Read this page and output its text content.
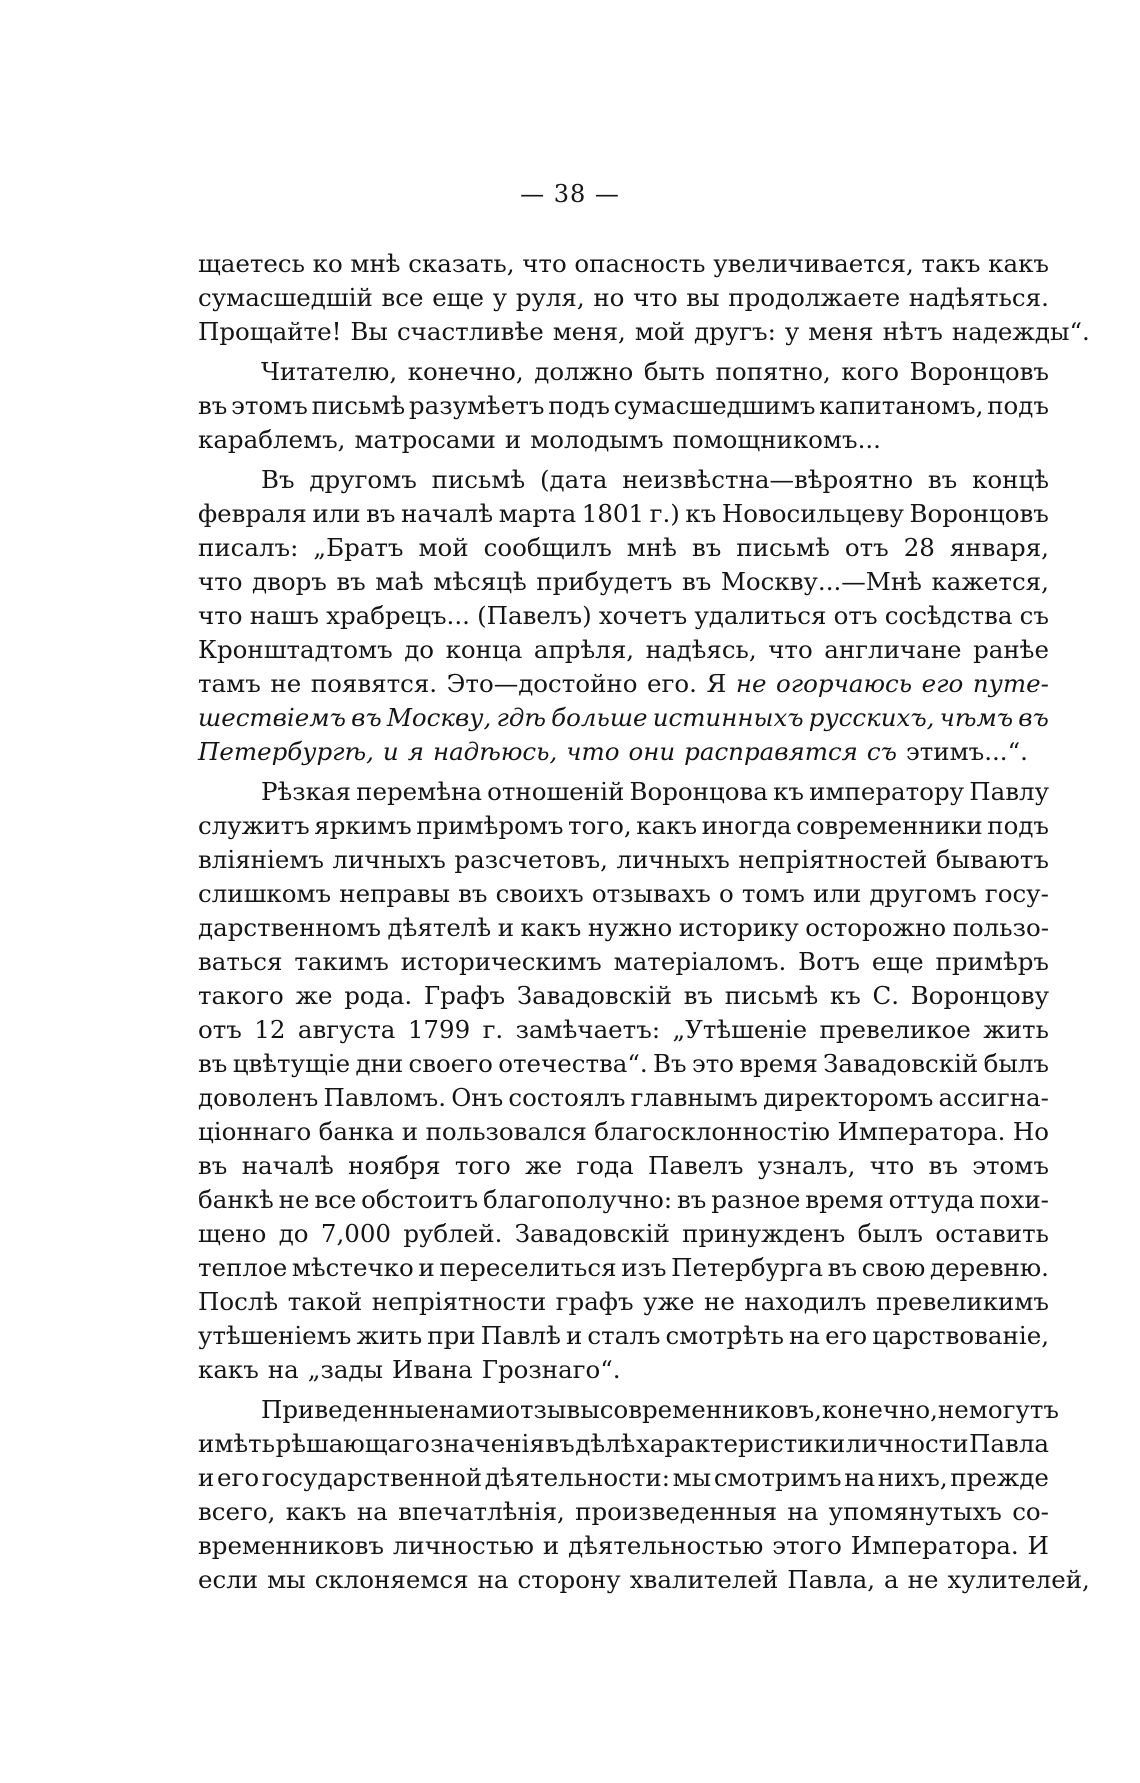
— 38 —
щаетесь ко мнѣ сказать, что опасность увеличивается, такъ какъ
сумасшедшій все еще у руля, но что вы продолжаете надѣяться.
Прощайте! Вы счастливѣе меня, мой другъ: у меня нѣтъ надежды“.
Читателю, конечно, должно быть попятно, кого Воронцовъ
въ этомъ письмѣ разумѣетъ подъ сумасшедшимъ капитаномъ, подъ
караблемъ, матросами и молодымъ помощникомъ...
Въ другомъ письмѣ (дата неизвѣстна—вѣроятно въ концѣ
февраля или въ началѣ марта 1801 г.) къ Новосильцеву Воронцовъ
писалъ: „Братъ мой сообщилъ мнѣ въ письмѣ отъ 28 января,
что дворъ въ маѣ мѣсяцѣ прибудетъ въ Москву...—Мнѣ кажется,
что нашъ храбрецъ... (Павелъ) хочетъ удалиться отъ сосѣдства съ
Кронштадтомъ до конца апрѣля, надѣясь, что англичане ранѣе
тамъ не появятся. Это—достойно его. Я не огорчаюсь его путе-
шествіемъ въ Москву, гдѣ больше истинныхъ русскихъ, чѣмъ въ
Петербургѣ, и я надѣюсь, что они расправятся съ этимъ...“.
Рѣзкая перемѣна отношеній Воронцова къ императору Павлу
служитъ яркимъ примѣромъ того, какъ иногда современники подъ
вліяніемъ личныхъ разсчетовъ, личныхъ непріятностей бываютъ
слишкомъ неправы въ своихъ отзывахъ о томъ или другомъ госу-
дарственномъ дѣятелѣ и какъ нужно историку осторожно пользо-
ваться такимъ историческимъ матеріаломъ. Вотъ еще примѣръ
такого же рода. Графъ Завадовскій въ письмѣ къ С. Воронцову
отъ 12 августа 1799 г. замѣчаетъ: „Утѣшеніе превеликое жить
въ цвѣтущіе дни своего отечества“. Въ это время Завадовскій былъ
доволенъ Павломъ. Онъ состоялъ главнымъ директоромъ ассигна-
ціоннаго банка и пользовался благосклонностію Императора. Но
въ началѣ ноября того же года Павелъ узналъ, что въ этомъ
банкѣ не все обстоитъ благополучно: въ разное время оттуда похи-
щено до 7,000 рублей. Завадовскій принужденъ былъ оставить
теплое мѣстечко и переселиться изъ Петербурга въ свою деревню.
Послѣ такой непріятности графъ уже не находилъ превеликимъ
утѣшеніемъ жить при Павлѣ и сталъ смотрѣть на его царствованіе,
какъ на „зады Ивана Грознаго“.
Приведенные нами отзывы современниковъ, конечно, не могутъ
имѣть рѣшающаго значенія въ дѣлѣ характеристики личности Павла
и его государственной дѣятельности: мы смотримъ на нихъ, прежде
всего, какъ на впечатлѣнія, произведенныя на упомянутыхъ со-
временниковъ личностью и дѣятельностью этого Императора. И
если мы склоняемся на сторону хвалителей Павла, а не хулителей,
